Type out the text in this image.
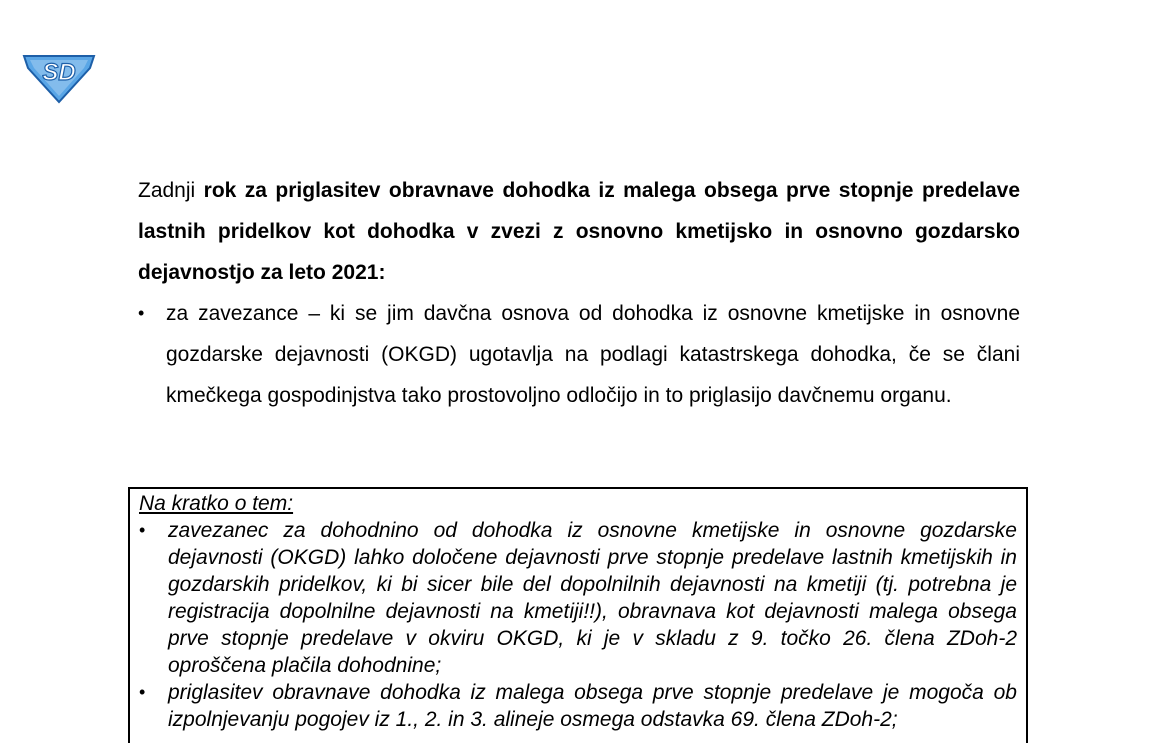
SD

Zadnji rok za priglasitev obravnave dohodka iz malega obsega prve stopnje predelave lastnih pridelkov kot dohodka v zvezi z osnovno kmetijsko in osnovno gozdarsko dejavnostjo za leto 2021:

• za zavezance – ki se jim davčna osnova od dohodka iz osnovne kmetijske in osnovne gozdarske dejavnosti (OKGD) ugotavlja na podlagi katastrskega dohodka, če se člani kmečkega gospodinjstva tako prostovoljno odločijo in to priglasijo davčnemu organu.

Na kratko o tem:

• zavezanec za dohodnino od dohodka iz osnovne kmetijske in osnovne gozdarske dejavnosti (OKGD) lahko določene dejavnosti prve stopnje predelave lastnih kmetijskih in gozdarskih pridelkov, ki bi sicer bile del dopolnilnih dejavnosti na kmetiji (tj. potrebna je registracija dopolnilne dejavnosti na kmetiji!!), obravnava kot dejavnosti malega obsega prve stopnje predelave v okviru OKGD, ki je v skladu z 9. točko 26. člena ZDoh-2 oproščena plačila dohodnine;
• priglasitev obravnave dohodka iz malega obsega prve stopnje predelave je mogoča ob izpolnjevanju pogojev iz 1., 2. in 3. alineje osmega odstavka 69. člena ZDoh-2;
